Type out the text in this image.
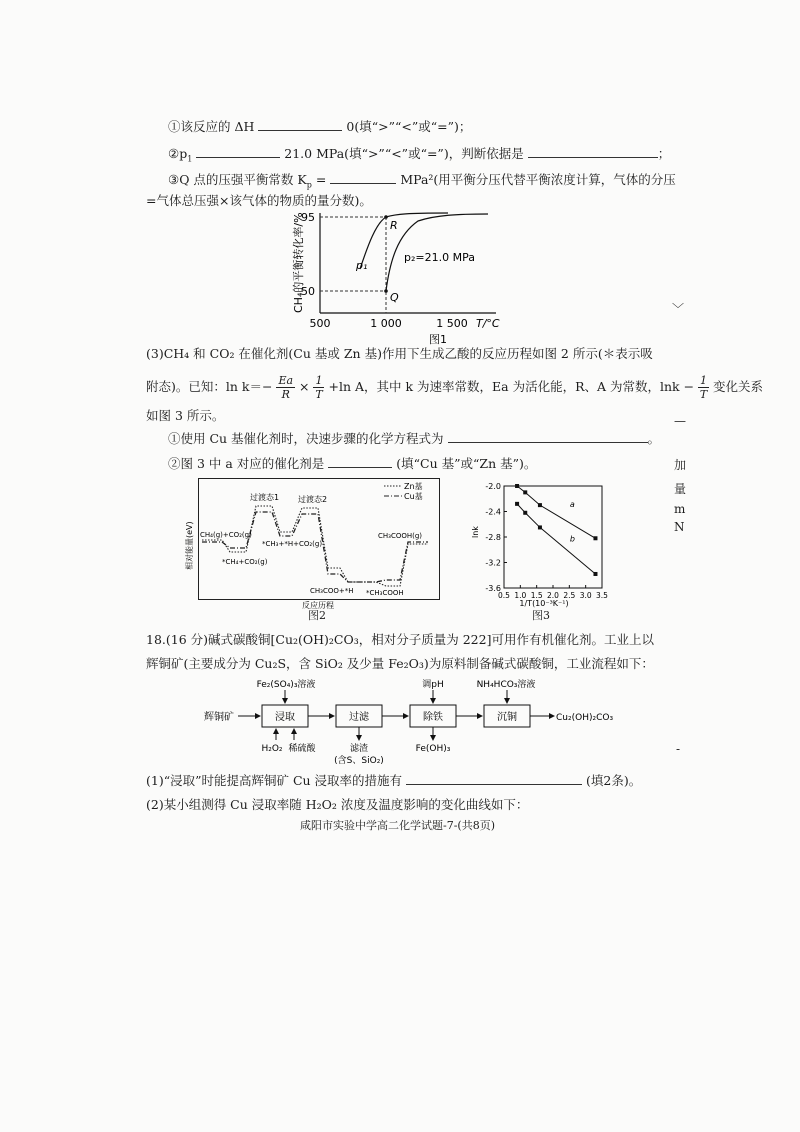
①该反应的 ΔH	0(填“>”“<”或“=”)；
$②p_1$	21.0 MPa(填“>”“<”或“=”)，判断依据是	；
③Q 点的压强平衡常数 $K_p$ =	MPa²(用平衡分压代替平衡浓度计算，气体的分压
=气体总压强×该气体的物质的量分数)。
95
50
500	1 000	1 500 T/°C
R
Q
p₁
p₂=21.0 MPa
图1
CH₄的平衡转化率/%
(3)CH₄ 和 CO₂ 在催化剂(Cu 基或 Zn 基)作用下生成乙酸的反应历程如图 2 所示(＊表示吸
附态)。已知：$\ln k=- \frac{Ea}{R} \times \frac{1}{T} +\ln$ A，其中 k 为速率常数，Ea 为活化能，R、A 为常数，$\ln k - \frac{1}{T}$ 变化关系
如图 3 所示。
①使用 Cu 基催化剂时，决速步骤的化学方程式为	。
②图 3 中 a 对应的催化剂是	(填“Cu 基”或“Zn 基”)。
Zn基
Cu基
过渡态1 过渡态2
CH₄(g)+CO₂(g)
*CH₄+CO₂(g)
*CH₃+*H+CO₂(g)
CH₃COO+*H *CH₃COOH
CH₃COOH(g)
相对能量(eV)
反应历程
图2
-2.0
-2.4
-2.8
-3.2
-3.6
0.5 1.0 1.5 2.0 2.5 3.0 3.5
a
b
1/T(10⁻³K⁻¹)
lnk
图3
18.(16 分)碱式碳酸铜[Cu₂(OH)₂CO₃，相对分子质量为 222]可用作有机催化剂。工业上以
辉铜矿(主要成分为 Cu₂S，含 SiO₂ 及少量 Fe₂O₃)为原料制备碱式碳酸铜，工业流程如下：
辉铜矿	浸取	过滤	除铁	沉铜	Cu₂(OH)₂CO₃
Fe₂(SO₄)₃溶液	调pH	NH₄HCO₃溶液
H₂O₂ 稀硫酸	滤渣
(含S、SiO₂)
Fe(OH)₃
(1)“浸取”时能提高辉铜矿 Cu 浸取率的措施有	(填2条)。
(2)某小组测得 Cu 浸取率随 H₂O₂ 浓度及温度影响的变化曲线如下：
咸阳市实验中学高二化学试题-7-(共8页)
﹀
—
加
量
m
N
-
